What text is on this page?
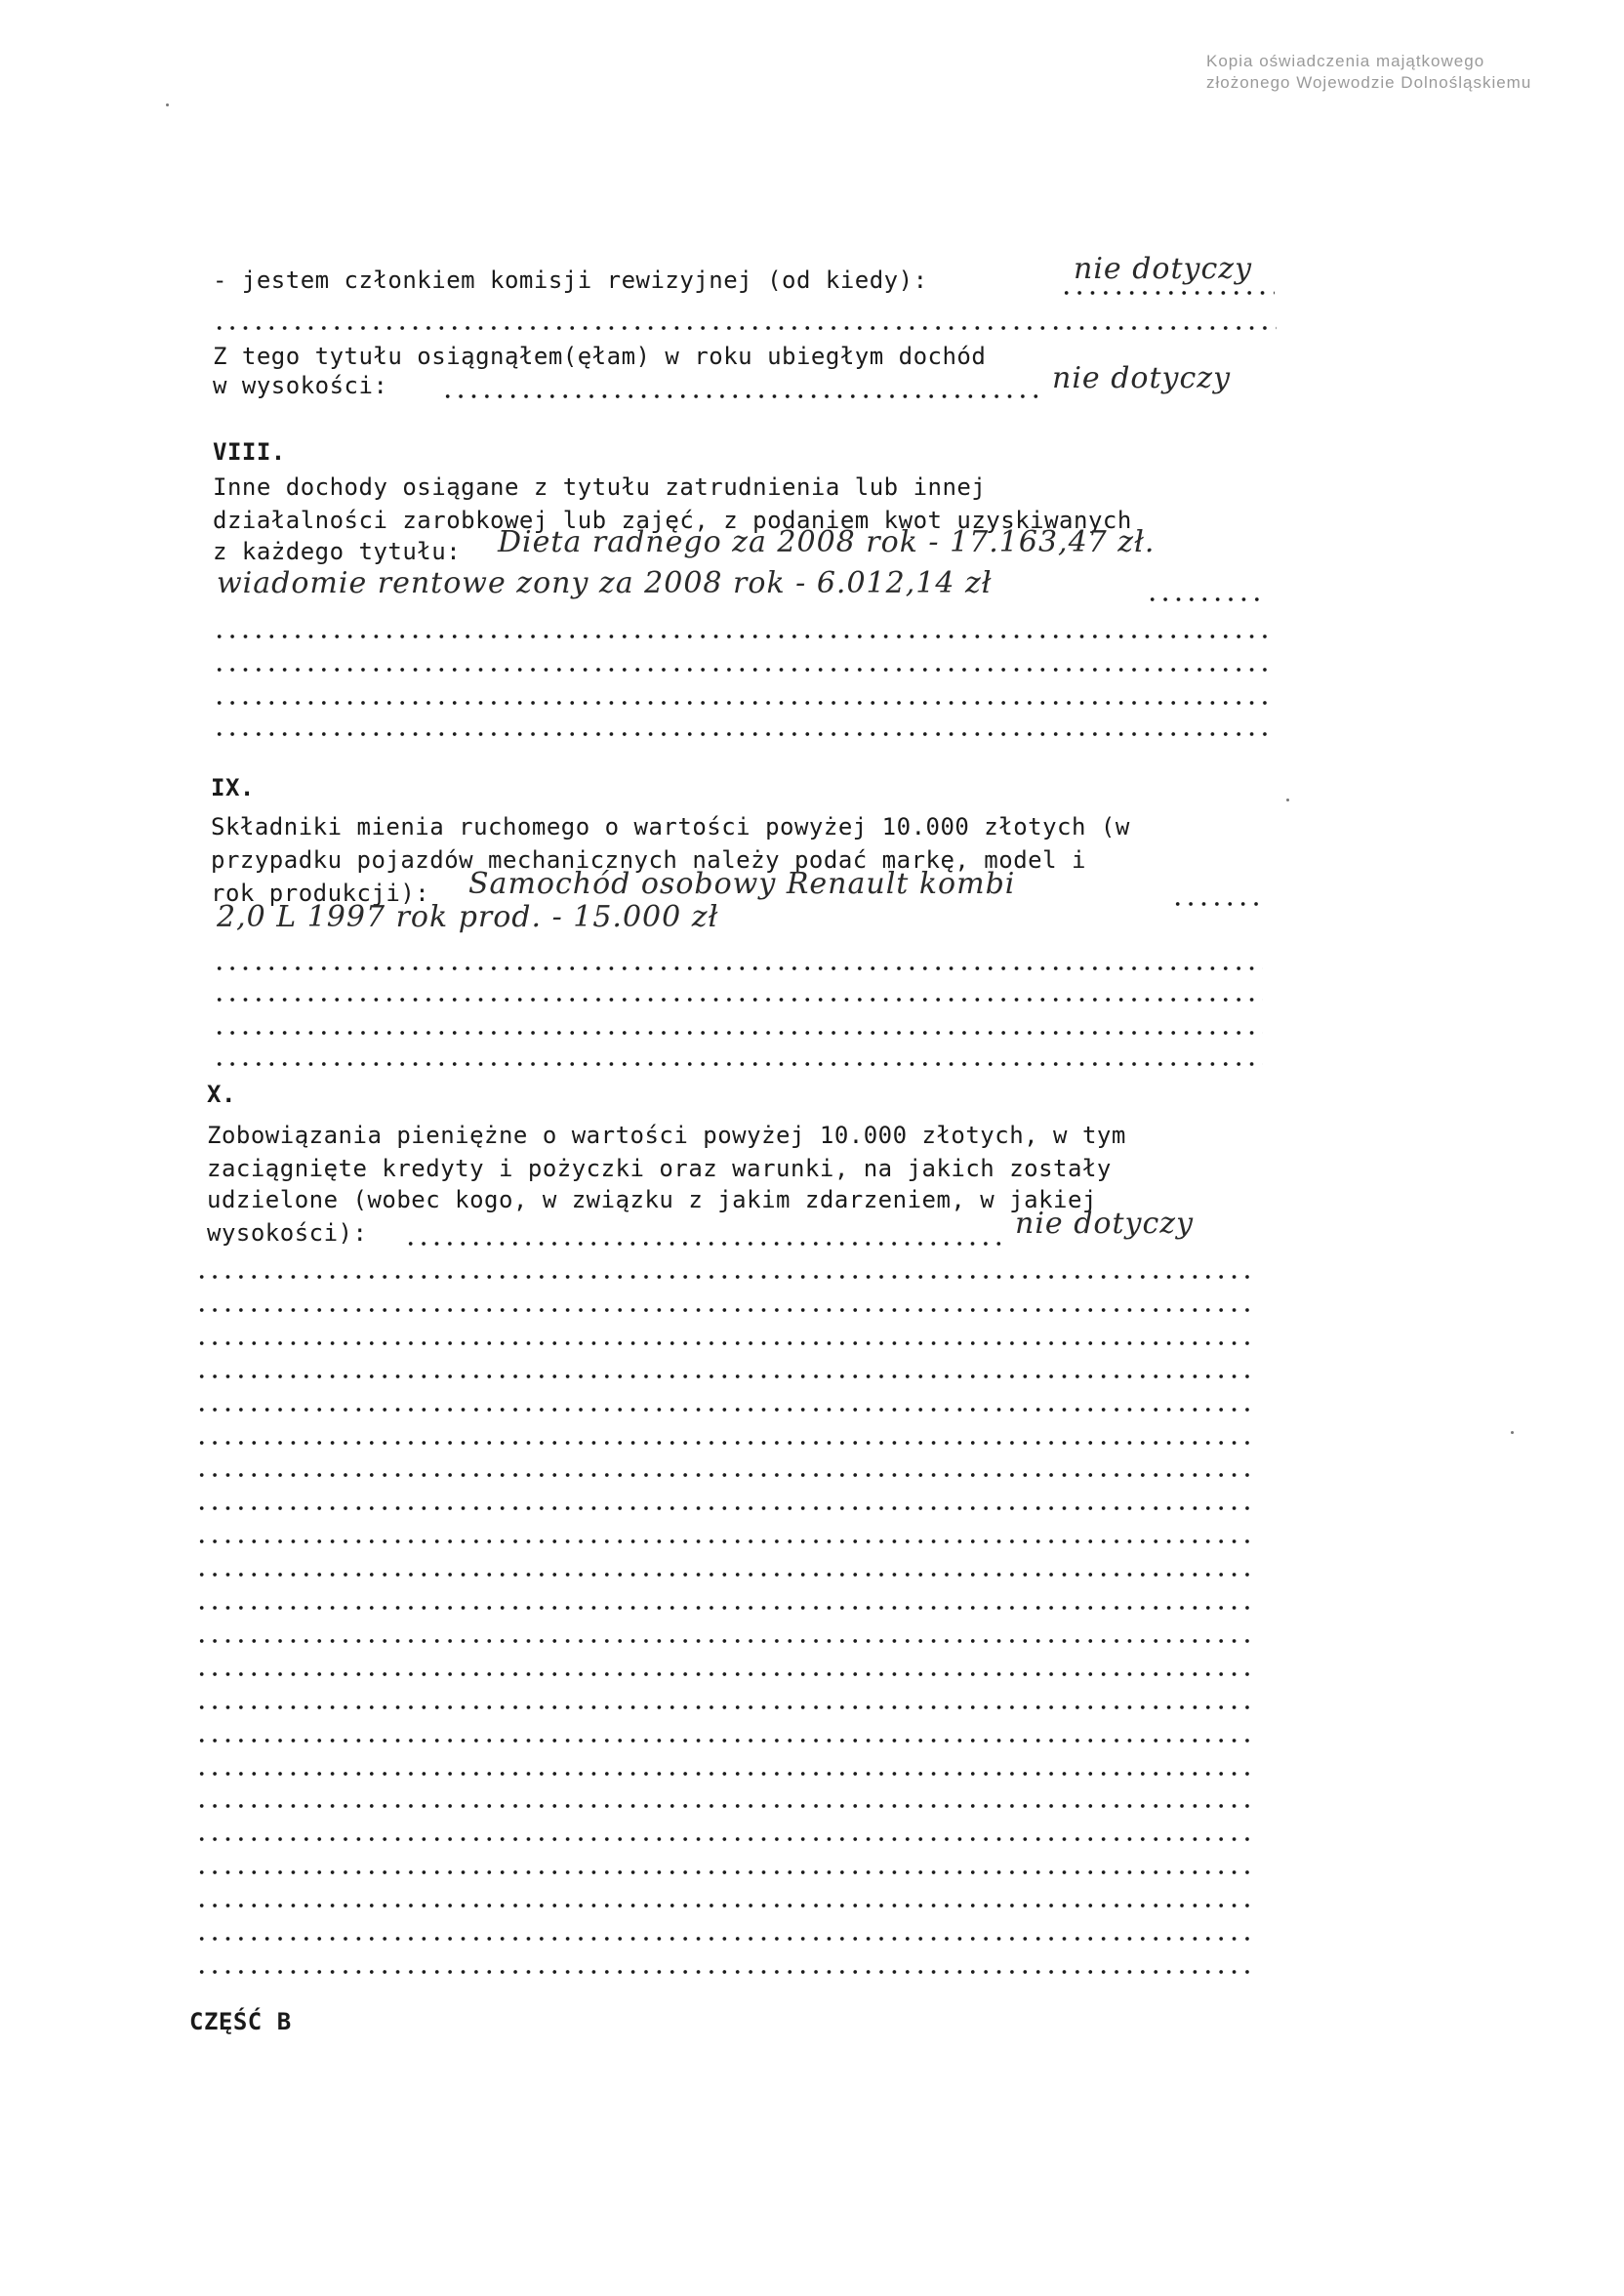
Kopia oświadczenia majątkowego
złożonego Wojewodzie Dolnośląskiemu
- jestem członkiem komisji rewizyjnej (od kiedy):	nie dotyczy
Z tego tytułu osiągnąłem(ęłam) w roku ubiegłym dochód
w wysokości:	nie dotyczy
VIII.
Inne dochody osiągane z tytułu zatrudnienia lub innej
działalności zarobkowej lub zajęć, z podaniem kwot uzyskiwanych
z każdego tytułu: Dieta radnego za 2008 rok - 17.163,47 zł.
wiadomie rentowe zony za 2008 rok - 6.012,14 zł
IX.
Składniki mienia ruchomego o wartości powyżej 10.000 złotych (w
przypadku pojazdów mechanicznych należy podać markę, model i
rok produkcji): Samochód osobowy Renault kombi
2,0 L 1997 rok prod. - 15.000 zł
X.
Zobowiązania pieniężne o wartości powyżej 10.000 złotych, w tym
zaciągnięte kredyty i pożyczki oraz warunki, na jakich zostały
udzielone (wobec kogo, w związku z jakim zdarzeniem, w jakiej
wysokości):	nie dotyczy
CZĘŚĆ B
